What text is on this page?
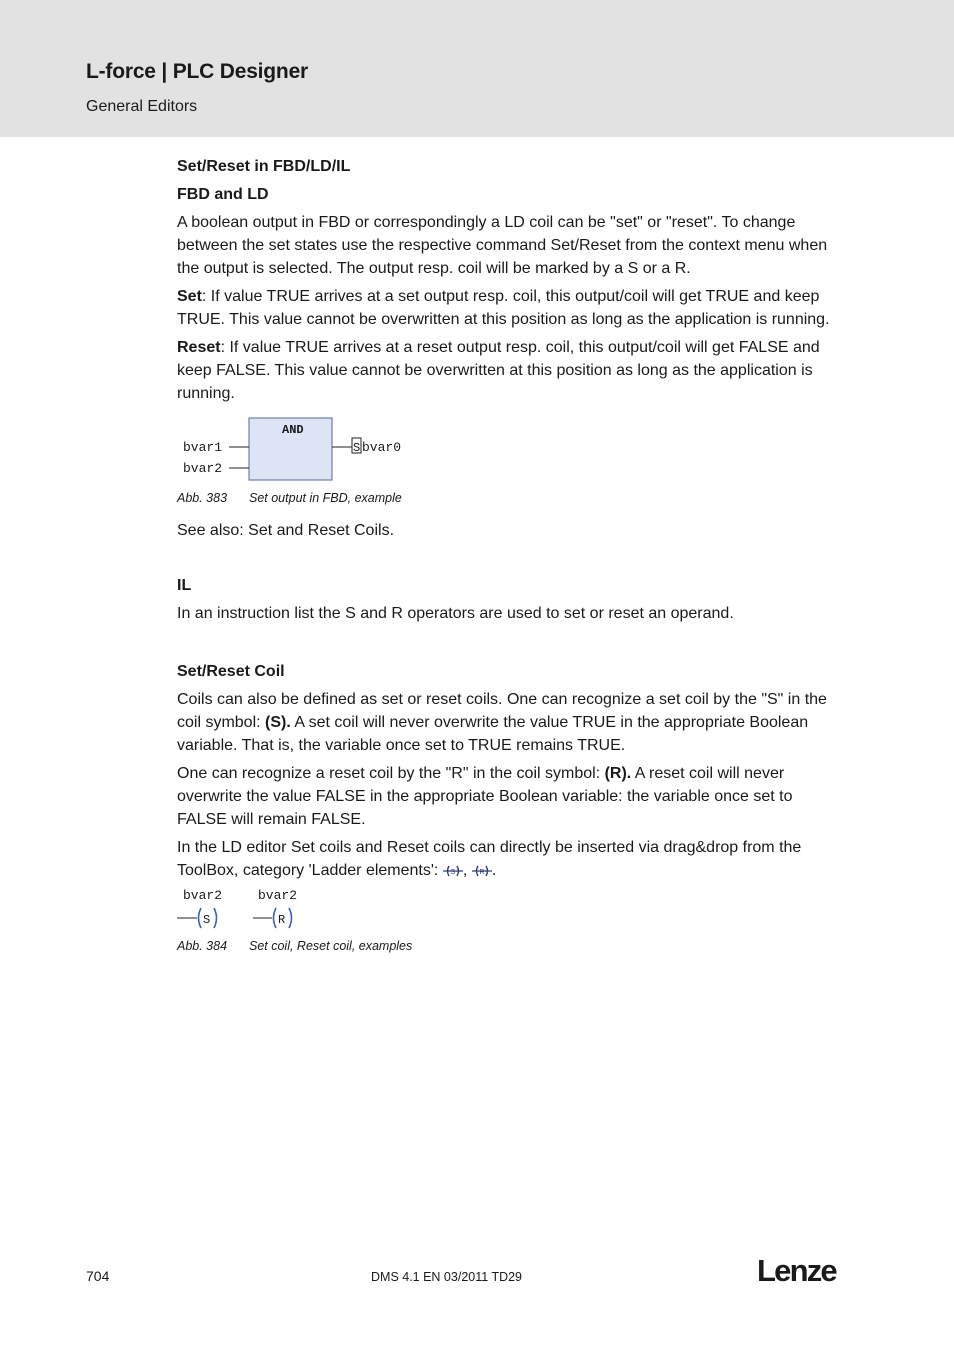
L-force | PLC Designer
General Editors

Set/Reset in FBD/LD/IL

FBD and LD

A boolean output in FBD or correspondingly a LD coil can be "set" or "reset". To change between the set states use the respective command Set/Reset from the context menu when the output is selected. The output resp. coil will be marked by a S or a R.

Set: If value TRUE arrives at a set output resp. coil, this output/coil will get TRUE and keep TRUE. This value cannot be overwritten at this position as long as the application is running.

Reset: If value TRUE arrives at a reset output resp. coil, this output/coil will get FALSE and keep FALSE. This value cannot be overwritten at this position as long as the application is running.

AND
bvar1
bvar2
S bvar0
Abb. 383 Set output in FBD, example

See also: Set and Reset Coils.

IL

In an instruction list the S and R operators are used to set or reset an operand.

Set/Reset Coil

Coils can also be defined as set or reset coils. One can recognize a set coil by the "S" in the coil symbol: (S). A set coil will never overwrite the value TRUE in the appropriate Boolean variable. That is, the variable once set to TRUE remains TRUE.

One can recognize a reset coil by the "R" in the coil symbol: (R). A reset coil will never overwrite the value FALSE in the appropriate Boolean variable: the variable once set to FALSE will remain FALSE.

In the LD editor Set coils and Reset coils can directly be inserted via drag&drop from the ToolBox, category 'Ladder elements': S , R .

bvar2
S
bvar2
R
Abb. 384 Set coil, Reset coil, examples
704	DMS 4.1 EN 03/2011 TD29	Lenze
